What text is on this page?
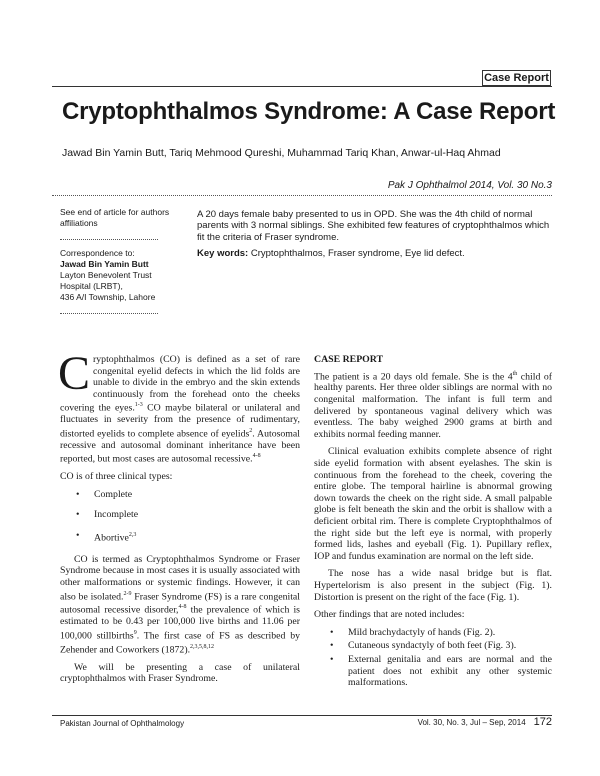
Case Report
Cryptophthalmos Syndrome: A Case Report
Jawad Bin Yamin Butt, Tariq Mehmood Qureshi, Muhammad Tariq Khan, Anwar-ul-Haq Ahmad
Pak J Ophthalmol 2014, Vol. 30 No.3
See end of article for authors affiliations
Correspondence to:
Jawad Bin Yamin Butt
Layton Benevolent Trust
Hospital (LRBT),
436 A/I Township, Lahore
A 20 days female baby presented to us in OPD. She was the 4th child of normal parents with 3 normal siblings. She exhibited few features of cryptophthalmos which fit the criteria of Fraser syndrome.
Key words: Cryptophthalmos, Fraser syndrome, Eye lid defect.

Cryptophthalmos (CO) is defined as a set of rare congenital eyelid defects in which the lid folds are unable to divide in the embryo and the skin extends continuously from the forehead onto the cheeks covering the eyes.$^{1-3}$ CO maybe bilateral or unilateral and fluctuates in severity from the presence of rudimentary, distorted eyelids to complete absence of eyelids$^2$. Autosomal recessive and autosomal dominant inheritance have been reported, but most cases are autosomal recessive.$^{4-8}$

CO is of three clinical types:

• Complete
• Incomplete
• Abortive$^{2,3}$

CO is termed as Cryptophthalmos Syndrome or Fraser Syndrome because in most cases it is usually associated with other malformations or systemic findings. However, it can also be isolated.$^{2-9}$ Fraser Syndrome (FS) is a rare congenital autosomal recessive disorder,$^{4-8}$ the prevalence of which is estimated to be 0.43 per 100,000 live births and 11.06 per 100,000 stillbirths$^9$. The first case of FS as described by Zehender and Coworkers (1872).$^{2,3,5,8,12}$

We will be presenting a case of unilateral cryptophthalmos with Fraser Syndrome.

CASE REPORT

The patient is a 20 days old female. She is the 4th child of healthy parents. Her three older siblings are normal with no congenital malformation. The infant is full term and delivered by spontaneous vaginal delivery which was eventless. The baby weighed 2900 grams at birth and exhibits normal feeding manner.

Clinical evaluation exhibits complete absence of right side eyelid formation with absent eyelashes. The skin is continuous from the forehead to the cheek, covering the entire globe. The temporal hairline is abnormal growing down towards the cheek on the right side. A small palpable globe is felt beneath the skin and the orbit is shallow with a deficient orbital rim. There is complete Cryptophthalmos of the right side but the left eye is normal, with properly formed lids, lashes and eyeball (Fig. 1). Pupillary reflex, IOP and fundus examination are normal on the left side.

The nose has a wide nasal bridge but is flat. Hypertelorism is also present in the subject (Fig. 1). Distortion is present on the right of the face (Fig. 1).

Other findings that are noted includes:

• Mild brachydactyly of hands (Fig. 2).
• Cutaneous syndactyly of both feet (Fig. 3).
• External genitalia and ears are normal and the patient does not exhibit any other systemic malformations.
Pakistan Journal of Ophthalmology	Vol. 30, No. 3, Jul – Sep, 2014 172
